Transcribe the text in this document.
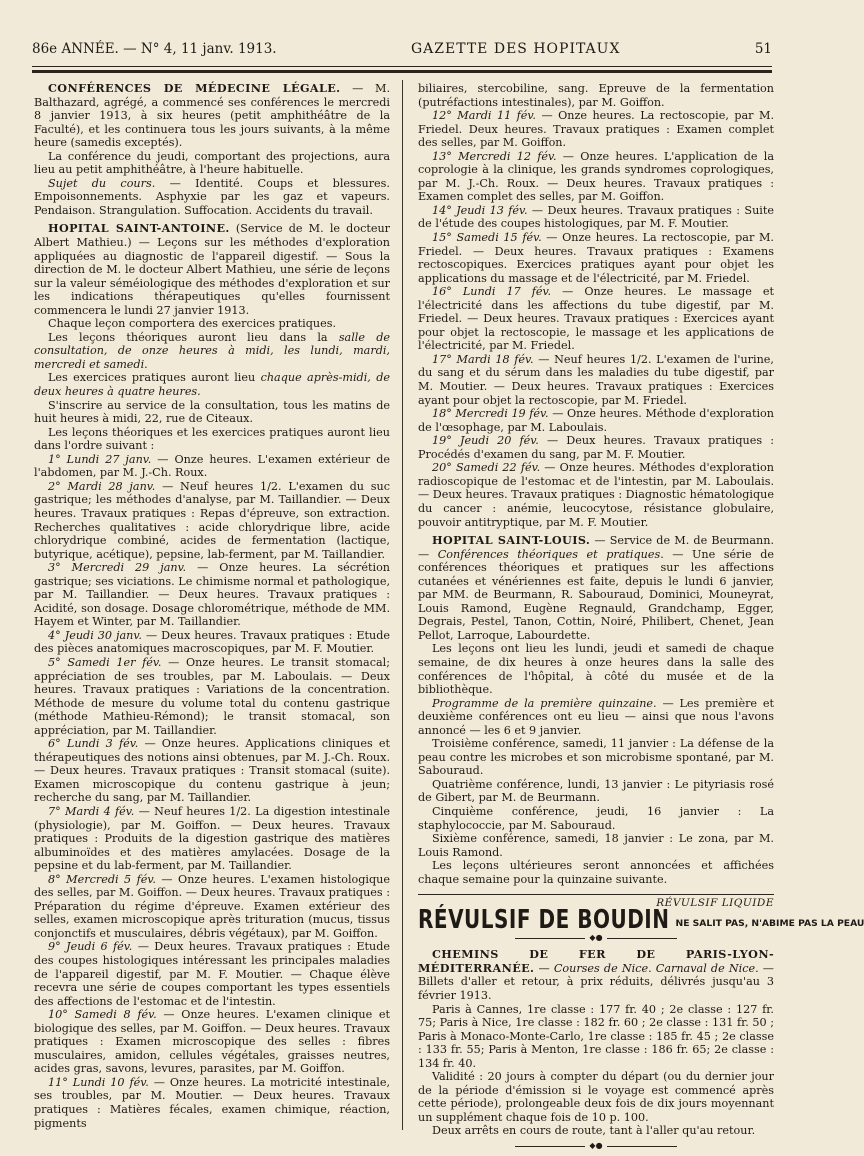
86e ANNÉE. — N° 4, 11 janv. 1913.	GAZETTE DES HOPITAUX	51

CONFÉRENCES DE MÉDECINE LÉGALE. — M. Balthazard, agrégé, a commencé ses conférences le mercredi 8 janvier 1913, à six heures (petit amphithéâtre de la Faculté), et les continuera tous les jours suivants, à la même heure (samedis exceptés).

La conférence du jeudi, comportant des projections, aura lieu au petit amphithéâtre, à l'heure habituelle.

Sujet du cours. — Identité. Coups et blessures. Empoisonnements. Asphyxie par les gaz et vapeurs. Pendaison. Strangulation. Suffocation. Accidents du travail.

HOPITAL SAINT-ANTOINE. (Service de M. le docteur Albert Mathieu.) — Leçons sur les méthodes d'exploration appliquées au diagnostic de l'appareil digestif. — Sous la direction de M. le docteur Albert Mathieu, une série de leçons sur la valeur séméiologique des méthodes d'exploration et sur les indications thérapeutiques qu'elles fournissent commencera le lundi 27 janvier 1913.

Chaque leçon comportera des exercices pratiques.

Les leçons théoriques auront lieu dans la salle de consultation, de onze heures à midi, les lundi, mardi, mercredi et samedi.

Les exercices pratiques auront lieu chaque après-midi, de deux heures à quatre heures.

S'inscrire au service de la consultation, tous les matins de huit heures à midi, 22, rue de Citeaux.

Les leçons théoriques et les exercices pratiques auront lieu dans l'ordre suivant :

1° Lundi 27 janv. — Onze heures. L'examen extérieur de l'abdomen, par M. J.-Ch. Roux.

2° Mardi 28 janv. — Neuf heures 1/2. L'examen du suc gastrique; les méthodes d'analyse, par M. Taillandier. — Deux heures. Travaux pratiques : Repas d'épreuve, son extraction. Recherches qualitatives : acide chlorydrique libre, acide chlorydrique combiné, acides de fermentation (lactique, butyrique, acétique), pepsine, lab-ferment, par M. Taillandier.

3° Mercredi 29 janv. — Onze heures. La sécrétion gastrique; ses viciations. Le chimisme normal et pathologique, par M. Taillandier. — Deux heures. Travaux pratiques : Acidité, son dosage. Dosage chlorométrique, méthode de MM. Hayem et Winter, par M. Taillandier.

4° Jeudi 30 janv. — Deux heures. Travaux pratiques : Etude des pièces anatomiques macroscopiques, par M. F. Moutier.

5° Samedi 1er fév. — Onze heures. Le transit stomacal; appréciation de ses troubles, par M. Laboulais. — Deux heures. Travaux pratiques : Variations de la concentration. Méthode de mesure du volume total du contenu gastrique (méthode Mathieu-Rémond); le transit stomacal, son appréciation, par M. Taillandier.

6° Lundi 3 fév. — Onze heures. Applications cliniques et thérapeutiques des notions ainsi obtenues, par M. J.-Ch. Roux. — Deux heures. Travaux pratiques : Transit stomacal (suite). Examen microscopique du contenu gastrique à jeun; recherche du sang, par M. Taillandier.

7° Mardi 4 fév. — Neuf heures 1/2. La digestion intestinale (physiologie), par M. Goiffon. — Deux heures. Travaux pratiques : Produits de la digestion gastrique des matières albuminoïdes et des matières amylacées. Dosage de la pepsine et du lab-ferment, par M. Taillandier.

8° Mercredi 5 fév. — Onze heures. L'examen histologique des selles, par M. Goiffon. — Deux heures. Travaux pratiques : Préparation du régime d'épreuve. Examen extérieur des selles, examen microscopique après trituration (mucus, tissus conjonctifs et musculaires, débris végétaux), par M. Goiffon.

9° Jeudi 6 fév. — Deux heures. Travaux pratiques : Etude des coupes histologiques intéressant les principales maladies de l'appareil digestif, par M. F. Moutier. — Chaque élève recevra une série de coupes comportant les types essentiels des affections de l'estomac et de l'intestin.

10° Samedi 8 fév. — Onze heures. L'examen clinique et biologique des selles, par M. Goiffon. — Deux heures. Travaux pratiques : Examen microscopique des selles : fibres musculaires, amidon, cellules végétales, graisses neutres, acides gras, savons, levures, parasites, par M. Goiffon.

11° Lundi 10 fév. — Onze heures. La motricité intestinale, ses troubles, par M. Moutier. — Deux heures. Travaux pratiques : Matières fécales, examen chimique, réaction, pigments

biliaires, stercobiline, sang. Epreuve de la fermentation (putréfactions intestinales), par M. Goiffon.

12° Mardi 11 fév. — Onze heures. La rectoscopie, par M. Friedel. Deux heures. Travaux pratiques : Examen complet des selles, par M. Goiffon.

13° Mercredi 12 fév. — Onze heures. L'application de la coprologie à la clinique, les grands syndromes coprologiques, par M. J.-Ch. Roux. — Deux heures. Travaux pratiques : Examen complet des selles, par M. Goiffon.

14° Jeudi 13 fév. — Deux heures. Travaux pratiques : Suite de l'étude des coupes histologiques, par M. F. Moutier.

15° Samedi 15 fév. — Onze heures. La rectoscopie, par M. Friedel. — Deux heures. Travaux pratiques : Examens rectoscopiques. Exercices pratiques ayant pour objet les applications du massage et de l'électricité, par M. Friedel.

16° Lundi 17 fév. — Onze heures. Le massage et l'électricité dans les affections du tube digestif, par M. Friedel. — Deux heures. Travaux pratiques : Exercices ayant pour objet la rectoscopie, le massage et les applications de l'électricité, par M. Friedel.

17° Mardi 18 fév. — Neuf heures 1/2. L'examen de l'urine, du sang et du sérum dans les maladies du tube digestif, par M. Moutier. — Deux heures. Travaux pratiques : Exercices ayant pour objet la rectoscopie, par M. Friedel.

18° Mercredi 19 fév. — Onze heures. Méthode d'exploration de l'œsophage, par M. Laboulais.

19° Jeudi 20 fév. — Deux heures. Travaux pratiques : Procédés d'examen du sang, par M. F. Moutier.

20° Samedi 22 fév. — Onze heures. Méthodes d'exploration radioscopique de l'estomac et de l'intestin, par M. Laboulais. — Deux heures. Travaux pratiques : Diagnostic hématologique du cancer : anémie, leucocytose, résistance globulaire, pouvoir antitryptique, par M. F. Moutier.

HOPITAL SAINT-LOUIS. — Service de M. de Beurmann. — Conférences théoriques et pratiques. — Une série de conférences théoriques et pratiques sur les affections cutanées et vénériennes est faite, depuis le lundi 6 janvier, par MM. de Beurmann, R. Sabouraud, Dominici, Mouneyrat, Louis Ramond, Eugène Regnauld, Grandchamp, Egger, Degrais, Pestel, Tanon, Cottin, Noiré, Philibert, Chenet, Jean Pellot, Larroque, Labourdette.

Les leçons ont lieu les lundi, jeudi et samedi de chaque semaine, de dix heures à onze heures dans la salle des conférences de l'hôpital, à côté du musée et de la bibliothèque.

Programme de la première quinzaine. — Les première et deuxième conférences ont eu lieu — ainsi que nous l'avons annoncé — les 6 et 9 janvier.

Troisième conférence, samedi, 11 janvier : La défense de la peau contre les microbes et son microbisme spontané, par M. Sabouraud.

Quatrième conférence, lundi, 13 janvier : Le pityriasis rosé de Gibert, par M. de Beurmann.

Cinquième conférence, jeudi, 16 janvier : La staphylococcie, par M. Sabouraud.

Sixième conférence, samedi, 18 janvier : Le zona, par M. Louis Ramond.

Les leçons ultérieures seront annoncées et affichées chaque semaine pour la quinzaine suivante.

RÉVULSIF LIQUIDE
RÉVULSIF DE BOUDIN NE SALIT PAS, N'ABIME PAS LA PEAU
◆●

CHEMINS DE FER DE PARIS-LYON-MÉDITERRANÉE. — Courses de Nice. Carnaval de Nice. — Billets d'aller et retour, à prix réduits, délivrés jusqu'au 3 février 1913.

Paris à Cannes, 1re classe : 177 fr. 40 ; 2e classe : 127 fr. 75; Paris à Nice, 1re classe : 182 fr. 60 ; 2e classe : 131 fr. 50 ; Paris à Monaco-Monte-Carlo, 1re classe : 185 fr. 45 ; 2e classe : 133 fr. 55; Paris à Menton, 1re classe : 186 fr. 65; 2e classe : 134 fr. 40.

Validité : 20 jours à compter du départ (ou du dernier jour de la période d'émission si le voyage est commencé après cette période), prolongeable deux fois de dix jours moyennant un supplément chaque fois de 10 p. 100.

Deux arrêts en cours de route, tant à l'aller qu'au retour.

◆●
